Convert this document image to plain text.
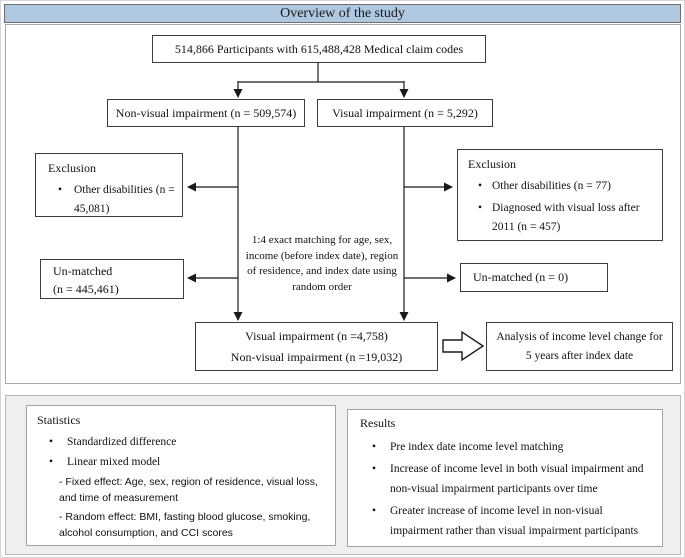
Overview of the study
514,866 Participants with 615,488,428 Medical claim codes
Non-visual impairment (n = 509,574)	Visual impairment (n = 5,292)
Exclusion
• Other disabilities (n = 45,081)
Exclusion
• Other disabilities (n = 77)
• Diagnosed with visual loss after 2011 (n = 457)
1:4 exact matching for age, sex, income (before index date), region of residence, and index date using random order
Un-matched
(n = 445,461)
Un-matched (n = 0)
Visual impairment (n =4,758)
Non-visual impairment (n =19,032)
Analysis of income level change for 5 years after index date
Statistics
• Standardized difference
• Linear mixed model
- Fixed effect: Age, sex, region of residence, visual loss, and time of measurement
- Random effect: BMI, fasting blood glucose, smoking, alcohol consumption, and CCI scores
Results
• Pre index date income level matching
• Increase of income level in both visual impairment and non-visual impairment participants over time
• Greater increase of income level in non-visual impairment rather than visual impairment participants
